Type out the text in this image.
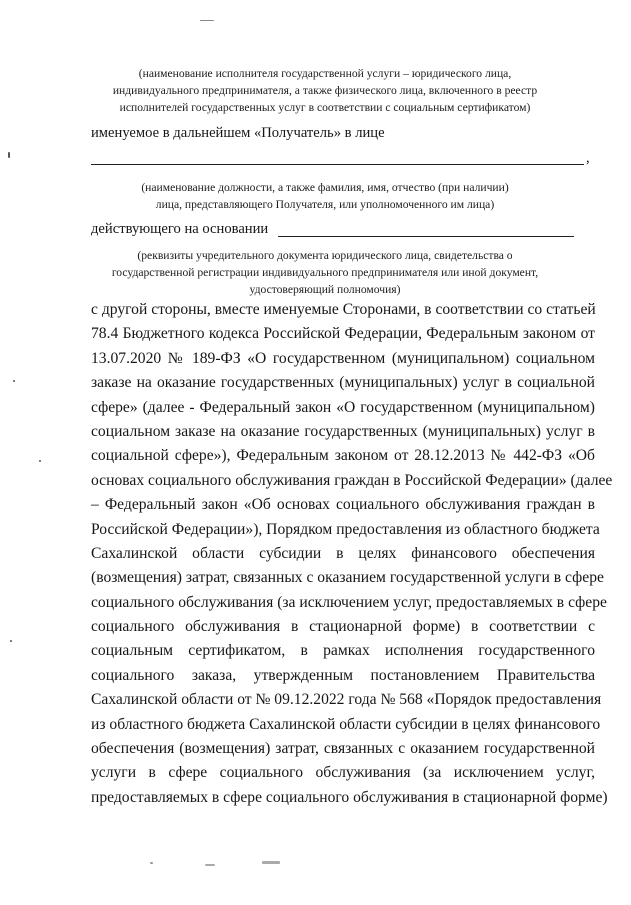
(наименование исполнителя государственной услуги – юридического лица,
индивидуального предпринимателя, а также физического лица, включенного в реестр
исполнителей государственных услуг в соответствии с социальным сертификатом)
именуемое в дальнейшем «Получатель» в лице
,
(наименование должности, а также фамилия, имя, отчество (при наличии)
лица, представляющего Получателя, или уполномоченного им лица)
действующего на основании
(реквизиты учредительного документа юридического лица, свидетельства о
государственной регистрации индивидуального предпринимателя или иной документ,
удостоверяющий полномочия)
с другой стороны, вместе именуемые Сторонами, в соответствии со статьей
78.4 Бюджетного кодекса Российской Федерации, Федеральным законом от
13.07.2020 № 189-ФЗ «О государственном (муниципальном) социальном
заказе на оказание государственных (муниципальных) услуг в социальной
сфере» (далее - Федеральный закон «О государственном (муниципальном)
социальном заказе на оказание государственных (муниципальных) услуг в
социальной сфере»), Федеральным законом от 28.12.2013 № 442-ФЗ «Об
основах социального обслуживания граждан в Российской Федерации» (далее
– Федеральный закон «Об основах социального обслуживания граждан в
Российской Федерации»), Порядком предоставления из областного бюджета
Сахалинской области субсидии в целях финансового обеспечения
(возмещения) затрат, связанных с оказанием государственной услуги в сфере
социального обслуживания (за исключением услуг, предоставляемых в сфере
социального обслуживания в стационарной форме) в соответствии с
социальным сертификатом, в рамках исполнения государственного
социального заказа, утвержденным постановлением Правительства
Сахалинской области от № 09.12.2022 года № 568 «Порядок предоставления
из областного бюджета Сахалинской области субсидии в целях финансового
обеспечения (возмещения) затрат, связанных с оказанием государственной
услуги в сфере социального обслуживания (за исключением услуг,
предоставляемых в сфере социального обслуживания в стационарной форме)
